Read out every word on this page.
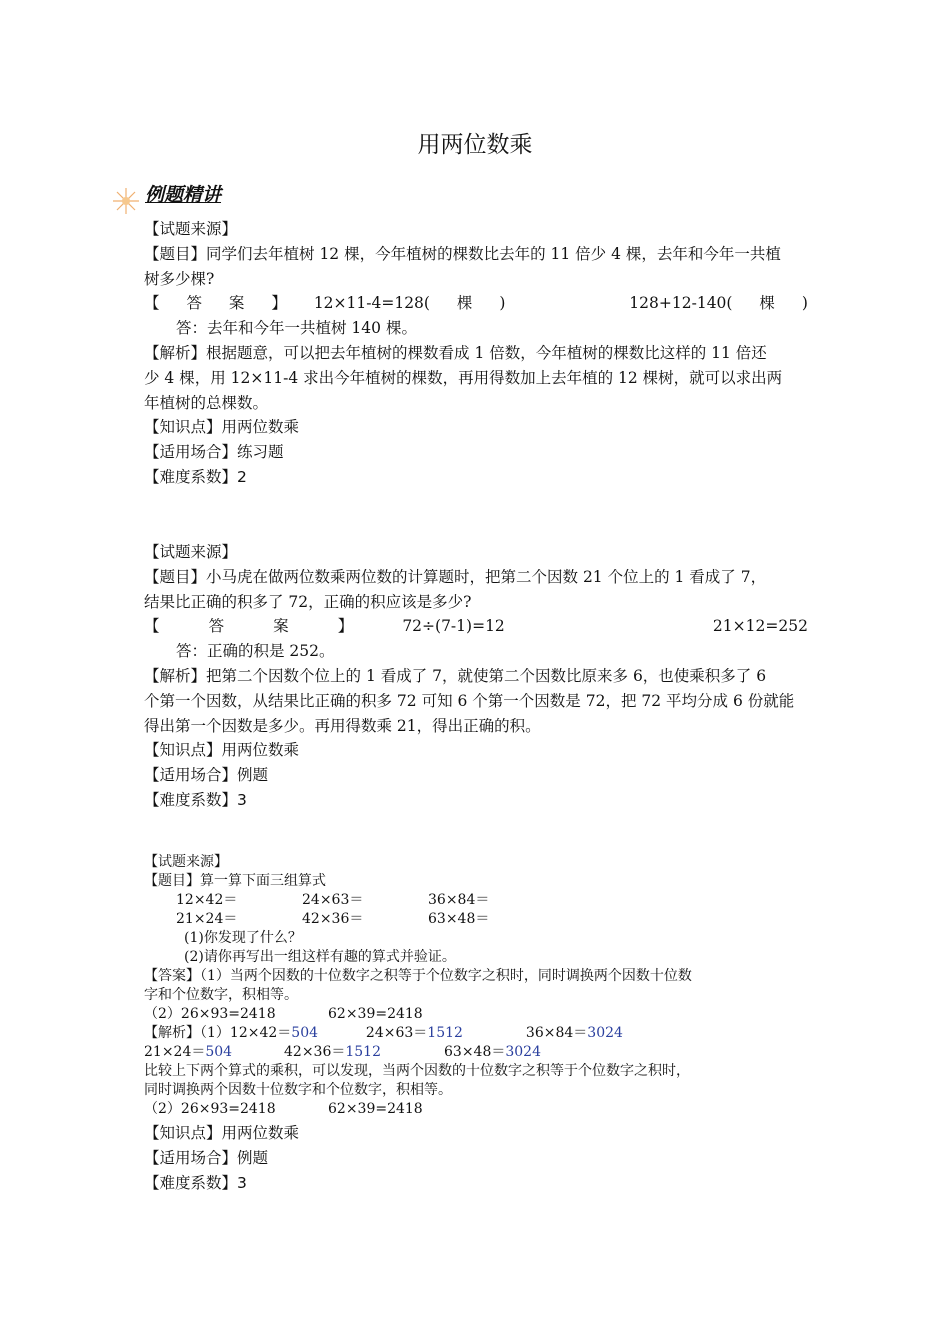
用两位数乘
例题精讲
【试题来源】
【题目】同学们去年植树 12 棵，今年植树的棵数比去年的 11 倍少 4 棵，去年和今年一共植
树多少棵?
【 答 案 】 12×11-4=128( 棵 )	128+12-140( 棵 )
答：去年和今年一共植树 140 棵。
【解析】根据题意，可以把去年植树的棵数看成 1 倍数，今年植树的棵数比这样的 11 倍还
少 4 棵，用 12×11-4 求出今年植树的棵数，再用得数加上去年植的 12 棵树，就可以求出两
年植树的总棵数。
【知识点】用两位数乘
【适用场合】练习题
【难度系数】2
【试题来源】
【题目】小马虎在做两位数乘两位数的计算题时，把第二个因数 21 个位上的 1 看成了 7，
结果比正确的积多了 72，正确的积应该是多少?
【	答	案	】	72÷(7-1)=12	21×12=252
答：正确的积是 252。
【解析】把第二个因数个位上的 1 看成了 7，就使第二个因数比原来多 6，也使乘积多了 6
个第一个因数，从结果比正确的积多 72 可知 6 个第一个因数是 72，把 72 平均分成 6 份就能
得出第一个因数是多少。再用得数乘 21，得出正确的积。
【知识点】用两位数乘
【适用场合】例题
【难度系数】3
【试题来源】
【题目】算一算下面三组算式
12×42＝	24×63＝	36×84＝
21×24＝	42×36＝	63×48＝
(1)你发现了什么？
(2)请你再写出一组这样有趣的算式并验证。
【答案】（1）当两个因数的十位数字之积等于个位数字之积时，同时调换两个因数十位数
字和个位数字，积相等。
（2）26×93=2418	62×39=2418
【解析】（1）12×42＝504	24×63＝1512	36×84＝3024
21×24＝504	42×36＝1512	63×48＝3024
比较上下两个算式的乘积，可以发现，当两个因数的十位数字之积等于个位数字之积时，
同时调换两个因数十位数字和个位数字，积相等。
（2）26×93=2418	62×39=2418
【知识点】用两位数乘
【适用场合】例题
【难度系数】3
